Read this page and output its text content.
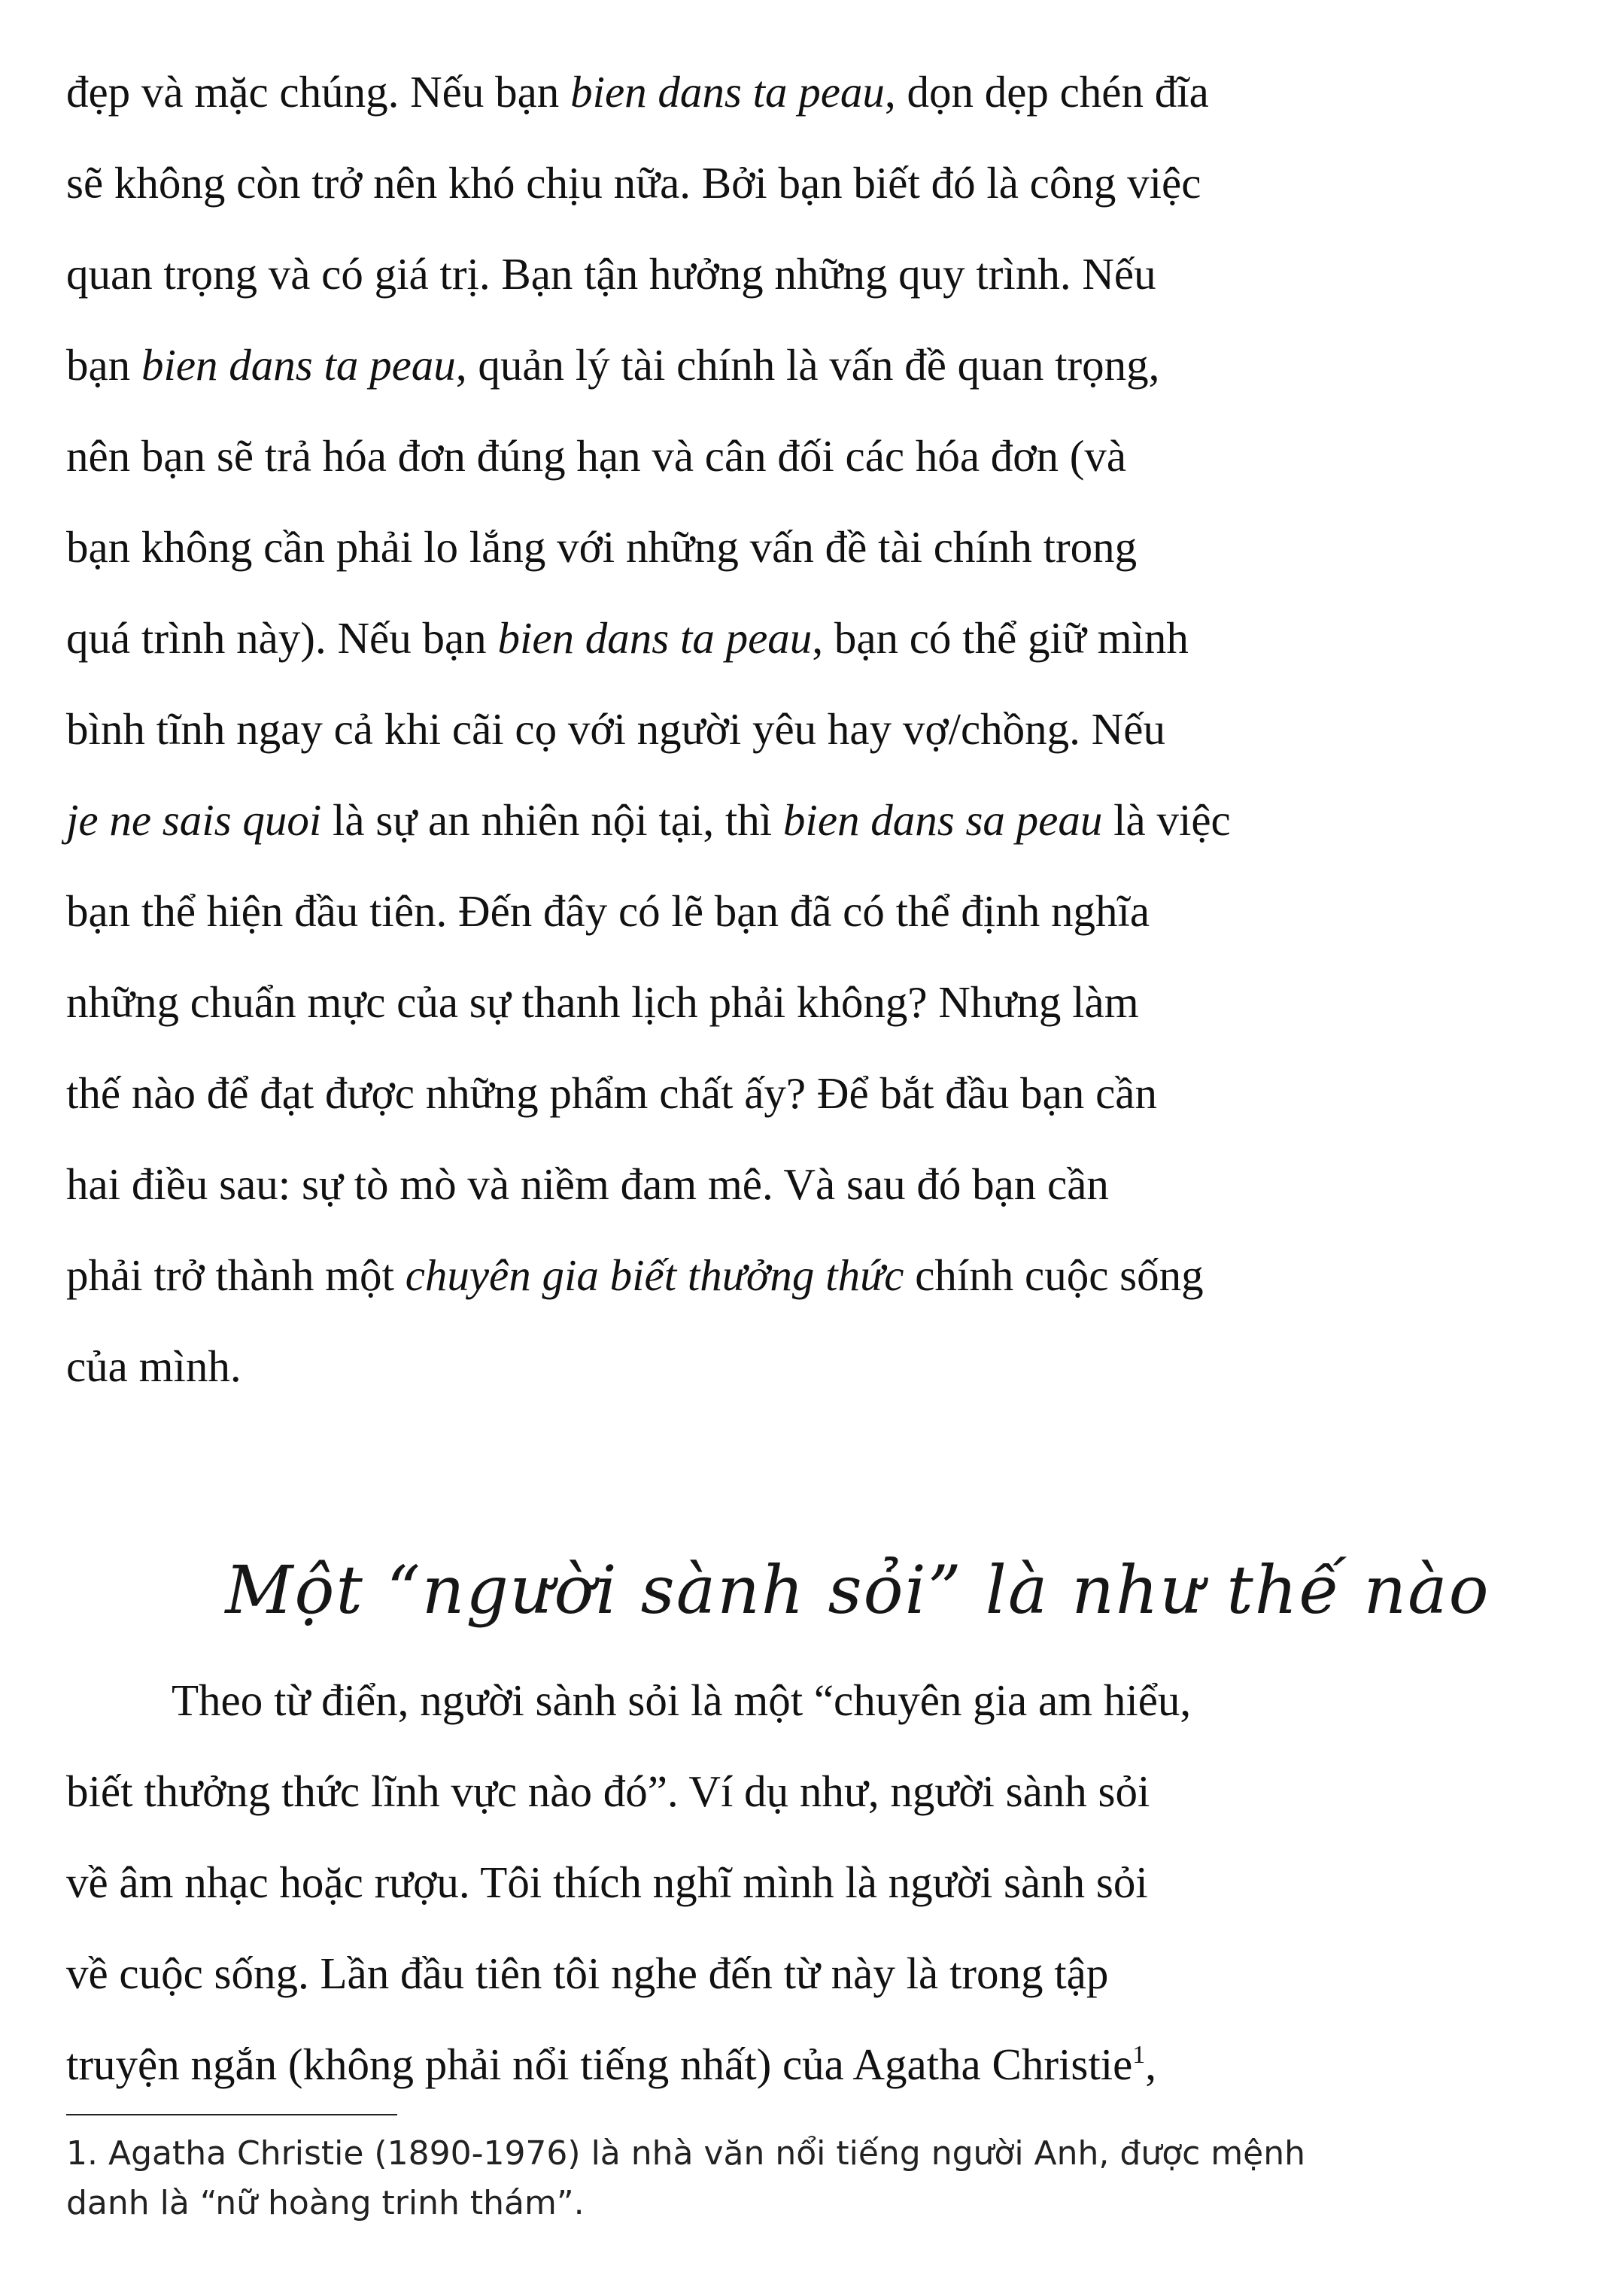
đẹp và mặc chúng. Nếu bạn bien dans ta peau, dọn dẹp chén đĩa
sẽ không còn trở nên khó chịu nữa. Bởi bạn biết đó là công việc
quan trọng và có giá trị. Bạn tận hưởng những quy trình. Nếu
bạn bien dans ta peau, quản lý tài chính là vấn đề quan trọng,
nên bạn sẽ trả hóa đơn đúng hạn và cân đối các hóa đơn (và
bạn không cần phải lo lắng với những vấn đề tài chính trong
quá trình này). Nếu bạn bien dans ta peau, bạn có thể giữ mình
bình tĩnh ngay cả khi cãi cọ với người yêu hay vợ/chồng. Nếu
je ne sais quoi là sự an nhiên nội tại, thì bien dans sa peau là việc
bạn thể hiện đầu tiên. Đến đây có lẽ bạn đã có thể định nghĩa
những chuẩn mực của sự thanh lịch phải không? Nhưng làm
thế nào để đạt được những phẩm chất ấy? Để bắt đầu bạn cần
hai điều sau: sự tò mò và niềm đam mê. Và sau đó bạn cần
phải trở thành một chuyên gia biết thưởng thức chính cuộc sống
của mình.
Một “người sành sỏi” là như thế nào
Theo từ điển, người sành sỏi là một “chuyên gia am hiểu,
biết thưởng thức lĩnh vực nào đó”. Ví dụ như, người sành sỏi
về âm nhạc hoặc rượu. Tôi thích nghĩ mình là người sành sỏi
về cuộc sống. Lần đầu tiên tôi nghe đến từ này là trong tập
truyện ngắn (không phải nổi tiếng nhất) của Agatha Christie$^1$,
1. Agatha Christie (1890-1976) là nhà văn nổi tiếng người Anh, được mệnh
danh là “nữ hoàng trinh thám”.
